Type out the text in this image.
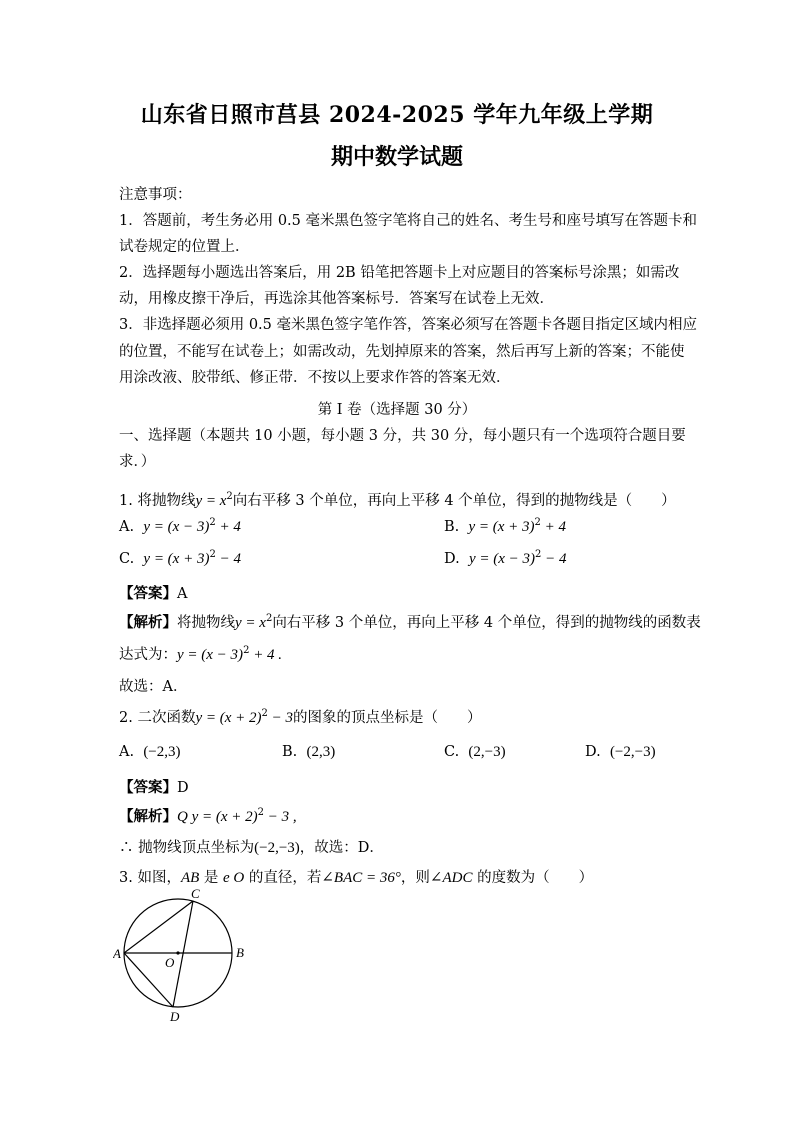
山东省日照市莒县 2024-2025 学年九年级上学期
期中数学试题
注意事项：
1．答题前，考生务必用 0.5 毫米黑色签字笔将自己的姓名、考生号和座号填写在答题卡和
试卷规定的位置上．
2．选择题每小题选出答案后，用 2B 铅笔把答题卡上对应题目的答案标号涂黑；如需改
动，用橡皮擦干净后，再选涂其他答案标号．答案写在试卷上无效．
3．非选择题必须用 0.5 毫米黑色签字笔作答，答案必须写在答题卡各题目指定区域内相应
的位置，不能写在试卷上；如需改动，先划掉原来的答案，然后再写上新的答案；不能使
用涂改液、胶带纸、修正带．不按以上要求作答的答案无效．
第 I 卷（选择题 30 分）
一、选择题（本题共 10 小题，每小题 3 分，共 30 分，每小题只有一个选项符合题目要
求．）
1. 将抛物线$y = x^2$向右平移 3 个单位，再向上平移 4 个单位，得到的抛物线是（　　）
A. $y = (x - 3)^2 + 4$	B. $y = (x + 3)^2 + 4$
C. $y = (x + 3)^2 - 4$	D. $y = (x - 3)^2 - 4$
【答案】A
【解析】将抛物线$y = x^2$向右平移 3 个单位，再向上平移 4 个单位，得到的抛物线的函数表
达式为：$y = (x - 3)^2 + 4$ .
故选：A．
2. 二次函数$y = (x + 2)^2 - 3$的图象的顶点坐标是（　　）
A. (−2,3)	B. (2,3)	C. (2,−3)	D. (−2,−3)
【答案】D
【解析】Q $y = (x + 2)^2 - 3$ ,
∴ 抛物线顶点坐标为(−2,−3)，故选：D．
3. 如图，AB 是 e O 的直径，若∠BAC = 36°，则∠ADC 的度数为（　　）
A	B
C
D
O
